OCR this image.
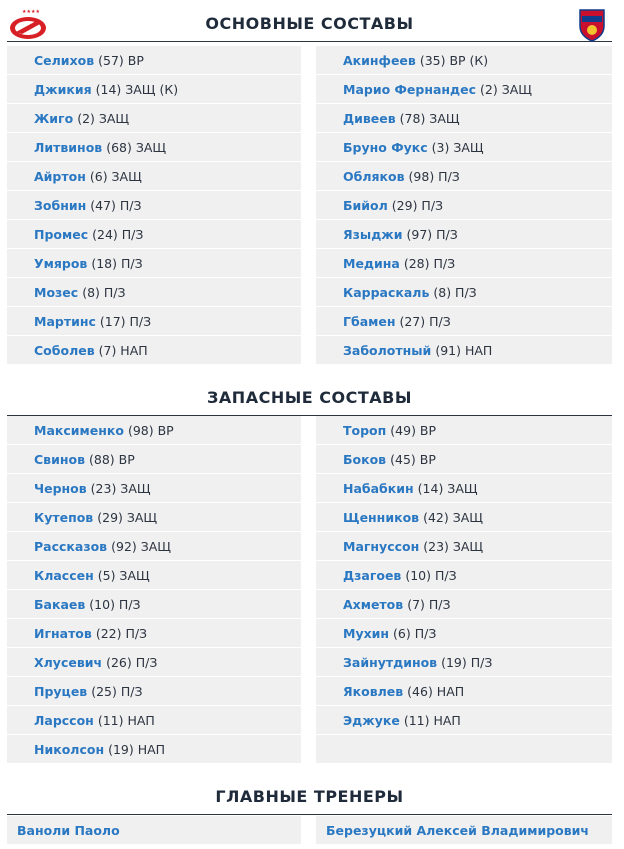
ОСНОВНЫЕ СОСТАВЫ
★★★★
Селихов (57) ВР
Джикия (14) ЗАЩ (К)
Жиго (2) ЗАЩ
Литвинов (68) ЗАЩ
Айртон (6) ЗАЩ
Зобнин (47) П/З
Промес (24) П/З
Умяров (18) П/З
Мозес (8) П/З
Мартинс (17) П/З
Соболев (7) НАП
Акинфеев (35) ВР (К)
Марио Фернандес (2) ЗАЩ
Дивеев (78) ЗАЩ
Бруно Фукс (3) ЗАЩ
Обляков (98) П/З
Бийол (29) П/З
Языджи (97) П/З
Медина (28) П/З
Карраскаль (8) П/З
Гбамен (27) П/З
Заболотный (91) НАП
ЗАПАСНЫЕ СОСТАВЫ
Максименко (98) ВР
Свинов (88) ВР
Чернов (23) ЗАЩ
Кутепов (29) ЗАЩ
Рассказов (92) ЗАЩ
Классен (5) ЗАЩ
Бакаев (10) П/З
Игнатов (22) П/З
Хлусевич (26) П/З
Пруцев (25) П/З
Ларссон (11) НАП
Николсон (19) НАП
Тороп (49) ВР
Боков (45) ВР
Набабкин (14) ЗАЩ
Щенников (42) ЗАЩ
Магнуссон (23) ЗАЩ
Дзагоев (10) П/З
Ахметов (7) П/З
Мухин (6) П/З
Зайнутдинов (19) П/З
Яковлев (46) НАП
Эджуке (11) НАП
ГЛАВНЫЕ ТРЕНЕРЫ
Ваноли Паоло	Березуцкий Алексей Владимирович
